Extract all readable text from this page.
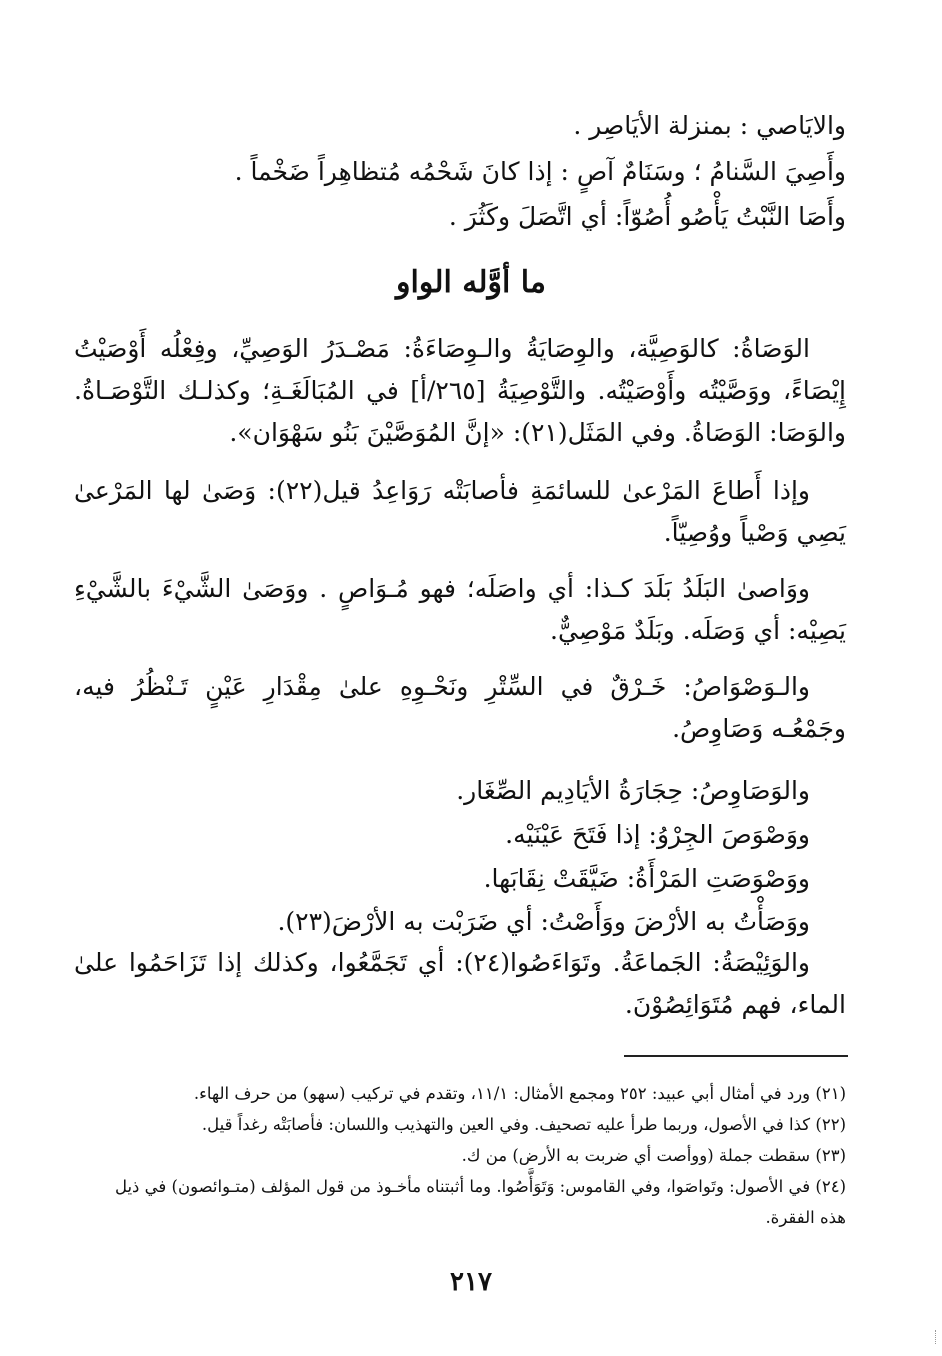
والايَاصي : بمنزلة الأيَاصِر .
وأَصِيَ السَّنامُ ؛ وسَنَامٌ آصٍ : إذا كانَ شَحْمُه مُتظاهِراً ضَخْماً .
وأَصَا النَّبْتُ يَأْصُو أُصُوّاً: أي اتَّصَلَ وكَثُرَ .
ما أوَّله الواو

الوَصَاةُ: كالوَصِيَّة، والوِصَايَةُ والـوِصَاءَةُ: مَصْـدَرُ الوَصِيِّ، وفِعْلُه أَوْصَيْتُ إِيْصَاءً، ووَصَّيْتُه وأَوْصَيْتُه. والتَّوْصِيَةُ [٢٦٥/أ] في المُبَالَغَـةِ؛ وكذلـك التَّوْصَـاةُ. والوَصَا: الوَصَاةُ. وفي المَثَل(٢١): «إنَّ المُوَصَّيْنَ بَنُو سَهْوَان».

وإذا أَطاعَ المَرْعىٰ للسائمَةِ فأصابَتْه رَوَاعِدُ قيل(٢٢): وَصَىٰ لها المَرْعىٰ يَصِي وَصْياً ووُصِيّاً.

ووَاصىٰ البَلَدُ بَلَدَ كـذا: أي واصَلَه؛ فهو مُـوَاصٍ . ووَصَىٰ الشَّيْءَ بالشَّيْءِ يَصِيْه: أي وَصَلَه. وبَلَدٌ مَوْصِيٌّ.

والـوَصْوَاصُ: خَـرْقٌ في السِّتْرِ ونَحْـوِهِ علىٰ مِقْدَارِ عَيْنٍ تَـنْظُرُ فيه، وجَمْعُـه وَصَاوِصُ.

والوَصَاوِصُ: حِجَارَةُ الأيَادِيم الصِّغَار.
ووَصْوَصَ الجِرْوُ: إذا فَتَحَ عَيْنَيْه.
ووَصْوَصَتِ المَرْأَةُ: ضَيَّقَتْ نِقَابَها.
ووَصَأْتُ به الأرْضَ ووَأَصْتُ: أي ضَرَبْت به الأرْضَ(٢٣).

والوَئِيْصَةُ: الجَماعَةُ. وتَوَاءَصُوا(٢٤): أي تَجَمَّعُوا، وكذلك إذا تَزَاحَمُوا علىٰ الماء، فهم مُتَوَائِصُوْنَ.

(٢١) ورد في أمثال أبي عبيد: ٢٥٢ ومجمع الأمثال: ١١/١، وتقدم في تركيب (سهو) من حرف الهاء.
(٢٢) كذا في الأصول، وربما طرأ عليه تصحيف. وفي العين والتهذيب واللسان: فأصابَتْه رغداً قيل.
(٢٣) سقطت جملة (ووأصت أي ضربت به الأرض) من ك.
(٢٤) في الأصول: وتَواصَوا، وفي القاموس: وَتَوَأَّصُوا. وما أثبتناه مأخـوذ من قول المؤلف (متـوائصون) في ذيل هذه الفقرة.
٢١٧
